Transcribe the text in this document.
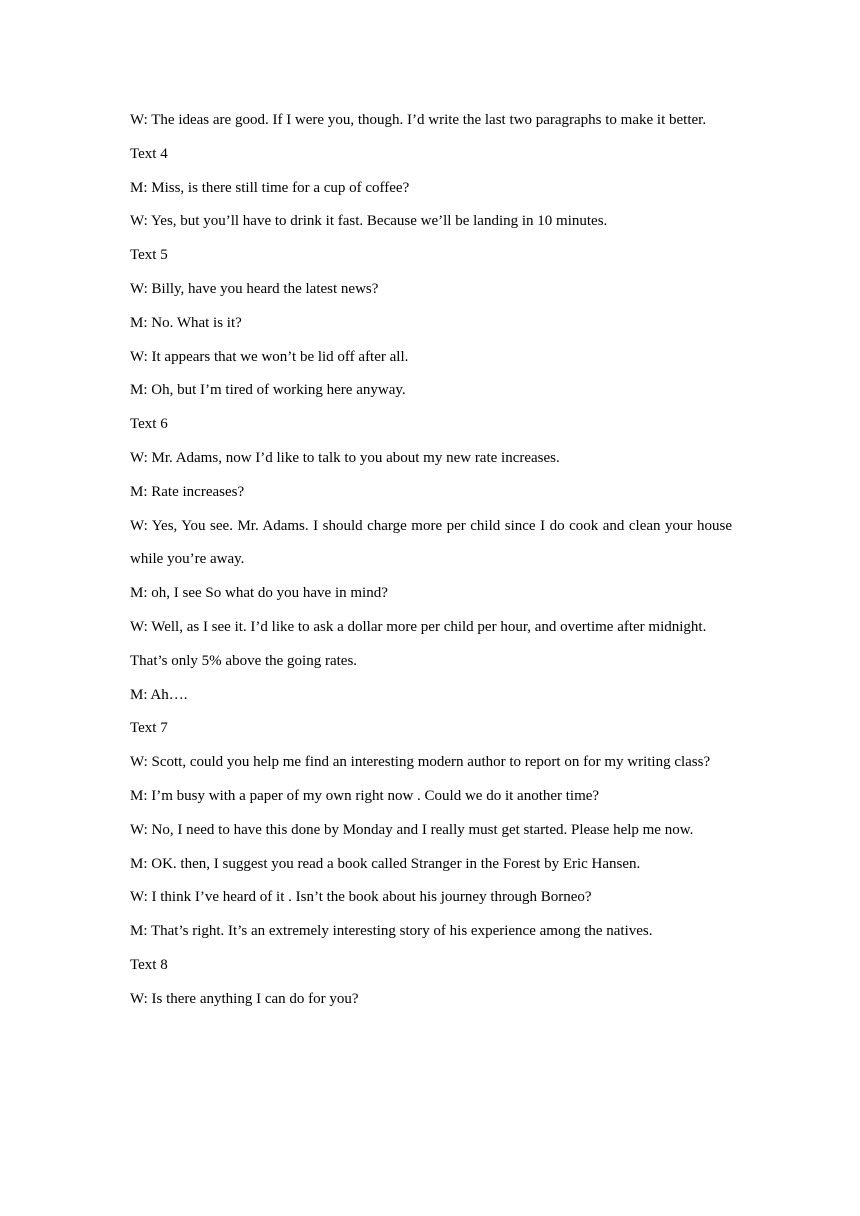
W: The ideas are good. If I were you, though. I’d write the last two paragraphs to make it better.

Text 4

M: Miss, is there still time for a cup of coffee?

W: Yes, but you’ll have to drink it fast. Because we’ll be landing in 10 minutes.

Text 5

W: Billy, have you heard the latest news?

M: No. What is it?

W: It appears that we won’t be lid off after all.

M: Oh, but I’m tired of working here anyway.

Text 6

W: Mr. Adams, now I’d like to talk to you about my new rate increases.

M: Rate increases?

W: Yes, You see. Mr. Adams. I should charge more per child since I do cook and clean your house while you’re away.

M: oh, I see So what do you have in mind?

W: Well, as I see it. I’d like to ask a dollar more per child per hour, and overtime after midnight.

That’s only 5% above the going rates.

M: Ah….

Text 7

W: Scott, could you help me find an interesting modern author to report on for my writing class?

M: I’m busy with a paper of my own right now . Could we do it another time?

W: No, I need to have this done by Monday and I really must get started. Please help me now.

M: OK. then, I suggest you read a book called Stranger in the Forest by Eric Hansen.

W: I think I’ve heard of it . Isn’t the book about his journey through Borneo?

M: That’s right. It’s an extremely interesting story of his experience among the natives.

Text 8

W: Is there anything I can do for you?
